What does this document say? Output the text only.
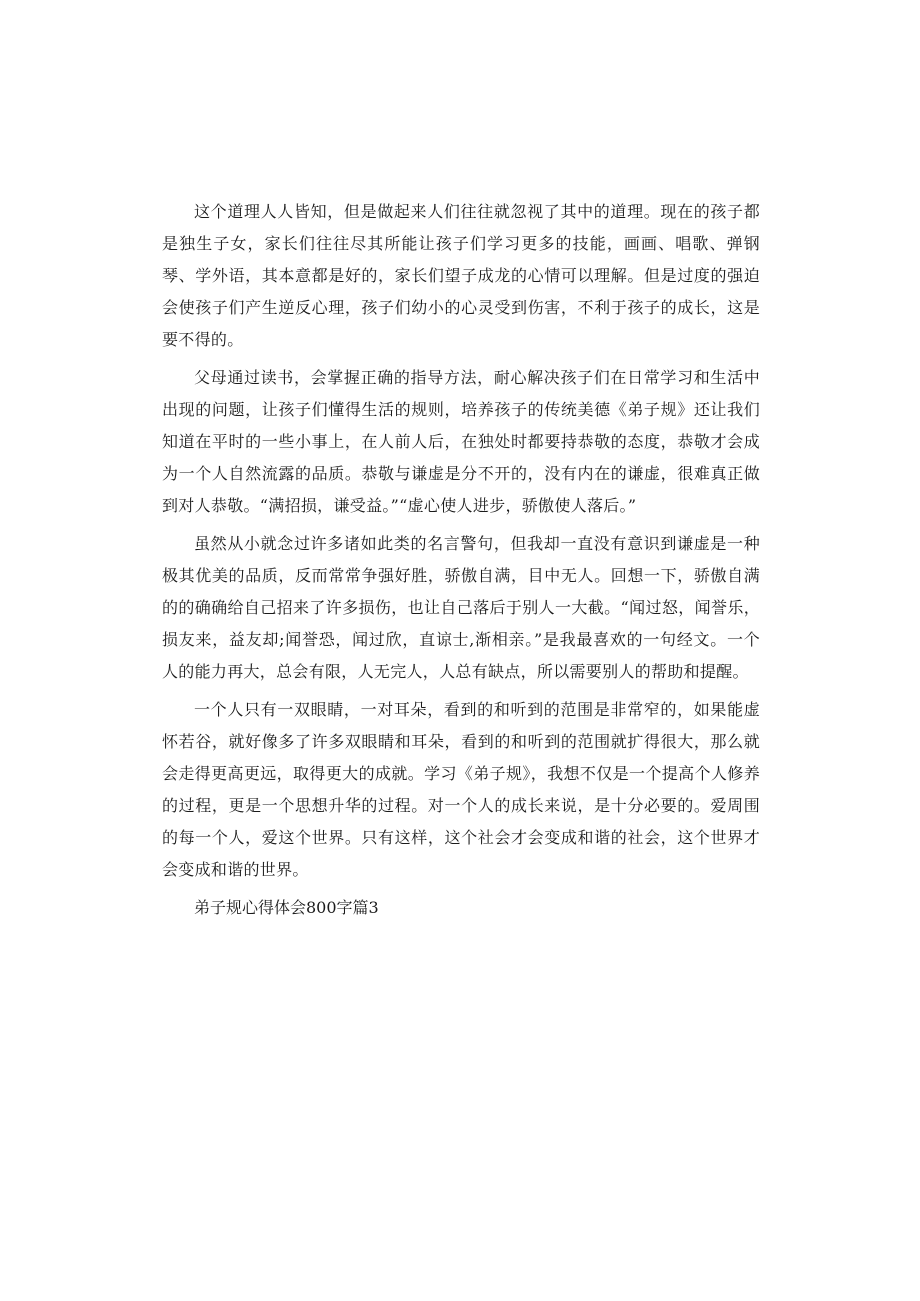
这个道理人人皆知，但是做起来人们往往就忽视了其中的道理。现在的孩子都是独生子女，家长们往往尽其所能让孩子们学习更多的技能，画画、唱歌、弹钢琴、学外语，其本意都是好的，家长们望子成龙的心情可以理解。但是过度的强迫会使孩子们产生逆反心理，孩子们幼小的心灵受到伤害，不利于孩子的成长，这是要不得的。

父母通过读书，会掌握正确的指导方法，耐心解决孩子们在日常学习和生活中出现的问题，让孩子们懂得生活的规则，培养孩子的传统美德《弟子规》还让我们知道在平时的一些小事上，在人前人后，在独处时都要持恭敬的态度，恭敬才会成为一个人自然流露的品质。恭敬与谦虚是分不开的，没有内在的谦虚，很难真正做到对人恭敬。“满招损，谦受益。”“虚心使人进步，骄傲使人落后。”

虽然从小就念过许多诸如此类的名言警句，但我却一直没有意识到谦虚是一种极其优美的品质，反而常常争强好胜，骄傲自满，目中无人。回想一下，骄傲自满的的确确给自己招来了许多损伤，也让自己落后于别人一大截。“闻过怒，闻誉乐，损友来，益友却;闻誉恐，闻过欣，直谅士,渐相亲。”是我最喜欢的一句经文。一个人的能力再大，总会有限，人无完人，人总有缺点，所以需要别人的帮助和提醒。

一个人只有一双眼睛，一对耳朵，看到的和听到的范围是非常窄的，如果能虚怀若谷，就好像多了许多双眼睛和耳朵，看到的和听到的范围就扩得很大，那么就会走得更高更远，取得更大的成就。学习《弟子规》，我想不仅是一个提高个人修养的过程，更是一个思想升华的过程。对一个人的成长来说，是十分必要的。爱周围的每一个人，爱这个世界。只有这样，这个社会才会变成和谐的社会，这个世界才会变成和谐的世界。

弟子规心得体会800字篇3
